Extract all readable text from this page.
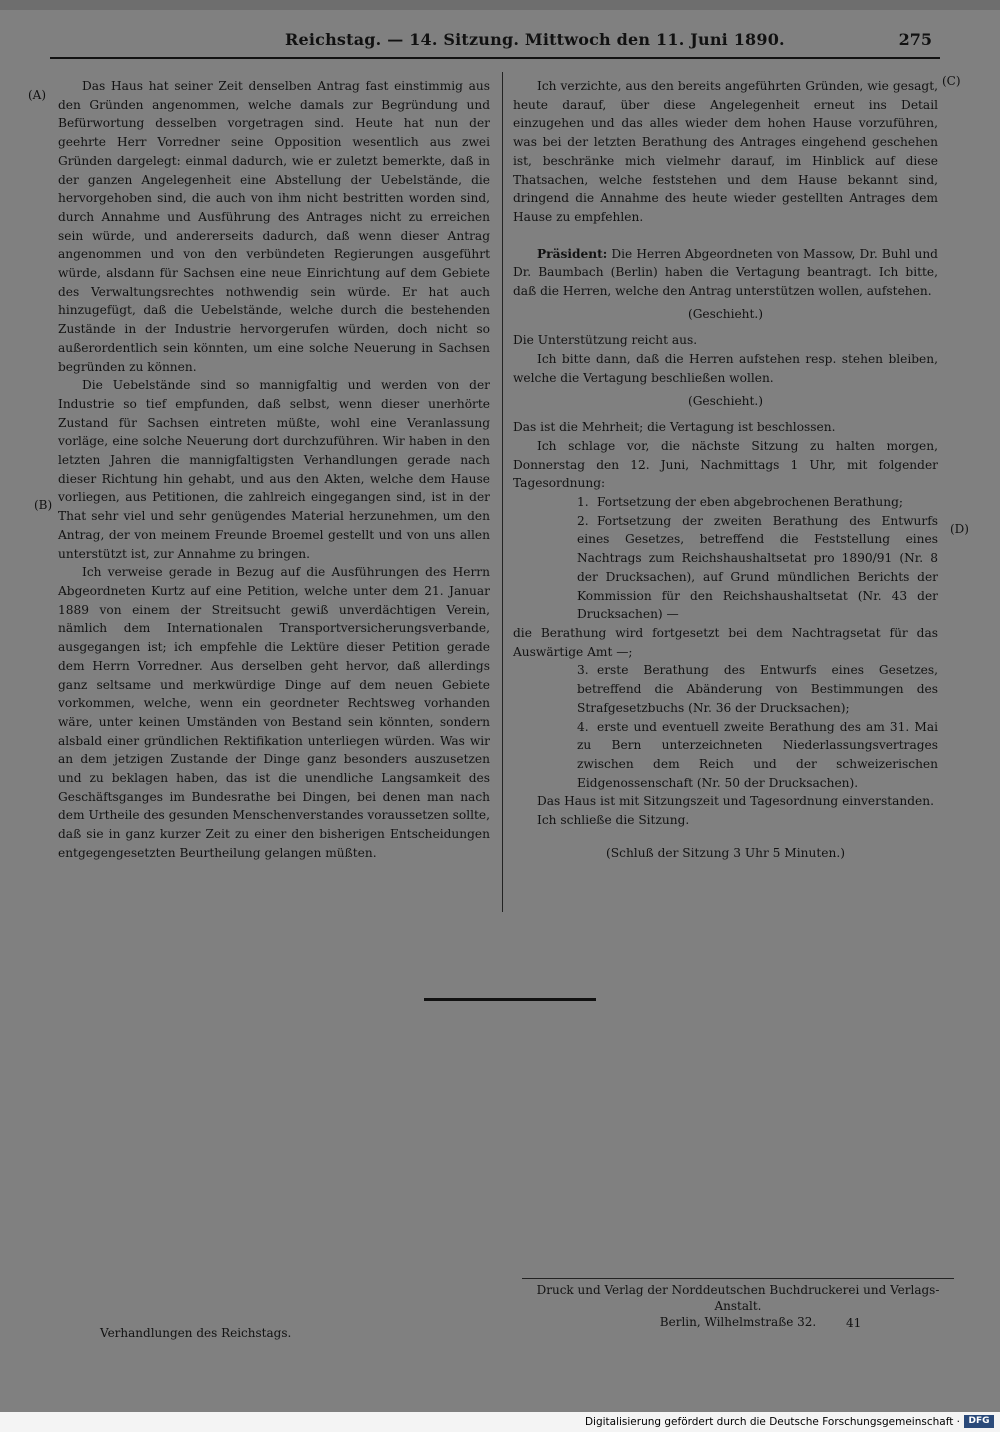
Reichstag. — 14. Sitzung. Mittwoch den 11. Juni 1890.	275
(A)
(B)
(C)
(D)

Das Haus hat seiner Zeit denselben Antrag fast einstimmig aus den Gründen angenommen, welche damals zur Begründung und Befürwortung desselben vorgetragen sind. Heute hat nun der geehrte Herr Vorredner seine Opposition wesentlich aus zwei Gründen dargelegt: einmal dadurch, wie er zuletzt bemerkte, daß in der ganzen Angelegenheit eine Abstellung der Uebelstände, die hervorgehoben sind, die auch von ihm nicht bestritten worden sind, durch Annahme und Ausführung des Antrages nicht zu erreichen sein würde, und andererseits dadurch, daß wenn dieser Antrag angenommen und von den verbündeten Regierungen ausgeführt würde, alsdann für Sachsen eine neue Einrichtung auf dem Gebiete des Verwaltungsrechtes nothwendig sein würde. Er hat auch hinzugefügt, daß die Uebelstände, welche durch die bestehenden Zustände in der Industrie hervorgerufen würden, doch nicht so außerordentlich sein könnten, um eine solche Neuerung in Sachsen begründen zu können.

Die Uebelstände sind so mannigfaltig und werden von der Industrie so tief empfunden, daß selbst, wenn dieser unerhörte Zustand für Sachsen eintreten müßte, wohl eine Veranlassung vorläge, eine solche Neuerung dort durchzuführen. Wir haben in den letzten Jahren die mannigfaltigsten Verhandlungen gerade nach dieser Richtung hin gehabt, und aus den Akten, welche dem Hause vorliegen, aus Petitionen, die zahlreich eingegangen sind, ist in der That sehr viel und sehr genügendes Material herzunehmen, um den Antrag, der von meinem Freunde Broemel gestellt und von uns allen unterstützt ist, zur Annahme zu bringen.

Ich verweise gerade in Bezug auf die Ausführungen des Herrn Abgeordneten Kurtz auf eine Petition, welche unter dem 21. Januar 1889 von einem der Streitsucht gewiß unverdächtigen Verein, nämlich dem Internationalen Transportversicherungsverbande, ausgegangen ist; ich empfehle die Lektüre dieser Petition gerade dem Herrn Vorredner. Aus derselben geht hervor, daß allerdings ganz seltsame und merkwürdige Dinge auf dem neuen Gebiete vorkommen, welche, wenn ein geordneter Rechtsweg vorhanden wäre, unter keinen Umständen von Bestand sein könnten, sondern alsbald einer gründlichen Rektifikation unterliegen würden. Was wir an dem jetzigen Zustande der Dinge ganz besonders auszusetzen und zu beklagen haben, das ist die unendliche Langsamkeit des Geschäftsganges im Bundesrathe bei Dingen, bei denen man nach dem Urtheile des gesunden Menschenverstandes voraussetzen sollte, daß sie in ganz kurzer Zeit zu einer den bisherigen Entscheidungen entgegengesetzten Beurtheilung gelangen müßten.

Ich verzichte, aus den bereits angeführten Gründen, wie gesagt, heute darauf, über diese Angelegenheit erneut ins Detail einzugehen und das alles wieder dem hohen Hause vorzuführen, was bei der letzten Berathung des Antrages eingehend geschehen ist, beschränke mich vielmehr darauf, im Hinblick auf diese Thatsachen, welche feststehen und dem Hause bekannt sind, dringend die Annahme des heute wieder gestellten Antrages dem Hause zu empfehlen.

Präsident: Die Herren Abgeordneten von Massow, Dr. Buhl und Dr. Baumbach (Berlin) haben die Vertagung beantragt. Ich bitte, daß die Herren, welche den Antrag unterstützen wollen, aufstehen.

(Geschieht.)

Die Unterstützung reicht aus.

Ich bitte dann, daß die Herren aufstehen resp. stehen bleiben, welche die Vertagung beschließen wollen.

(Geschieht.)

Das ist die Mehrheit; die Vertagung ist beschlossen.

Ich schlage vor, die nächste Sitzung zu halten morgen, Donnerstag den 12. Juni, Nachmittags 1 Uhr, mit folgender Tagesordnung:

1. Fortsetzung der eben abgebrochenen Berathung;

2. Fortsetzung der zweiten Berathung des Entwurfs eines Gesetzes, betreffend die Feststellung eines Nachtrags zum Reichshaushaltsetat pro 1890/91 (Nr. 8 der Drucksachen), auf Grund mündlichen Berichts der Kommission für den Reichshaushaltsetat (Nr. 43 der Drucksachen) —

die Berathung wird fortgesetzt bei dem Nachtragsetat für das Auswärtige Amt —;

3. erste Berathung des Entwurfs eines Gesetzes, betreffend die Abänderung von Bestimmungen des Strafgesetzbuchs (Nr. 36 der Drucksachen);

4. erste und eventuell zweite Berathung des am 31. Mai zu Bern unterzeichneten Niederlassungsvertrages zwischen dem Reich und der schweizerischen Eidgenossenschaft (Nr. 50 der Drucksachen).

Das Haus ist mit Sitzungszeit und Tagesordnung einverstanden.

Ich schließe die Sitzung.

(Schluß der Sitzung 3 Uhr 5 Minuten.)

Druck und Verlag der Norddeutschen Buchdruckerei und Verlags-Anstalt.
Berlin, Wilhelmstraße 32.	41
Verhandlungen des Reichstags.
Digitalisierung gefördert durch die Deutsche Forschungsgemeinschaft · DFG
